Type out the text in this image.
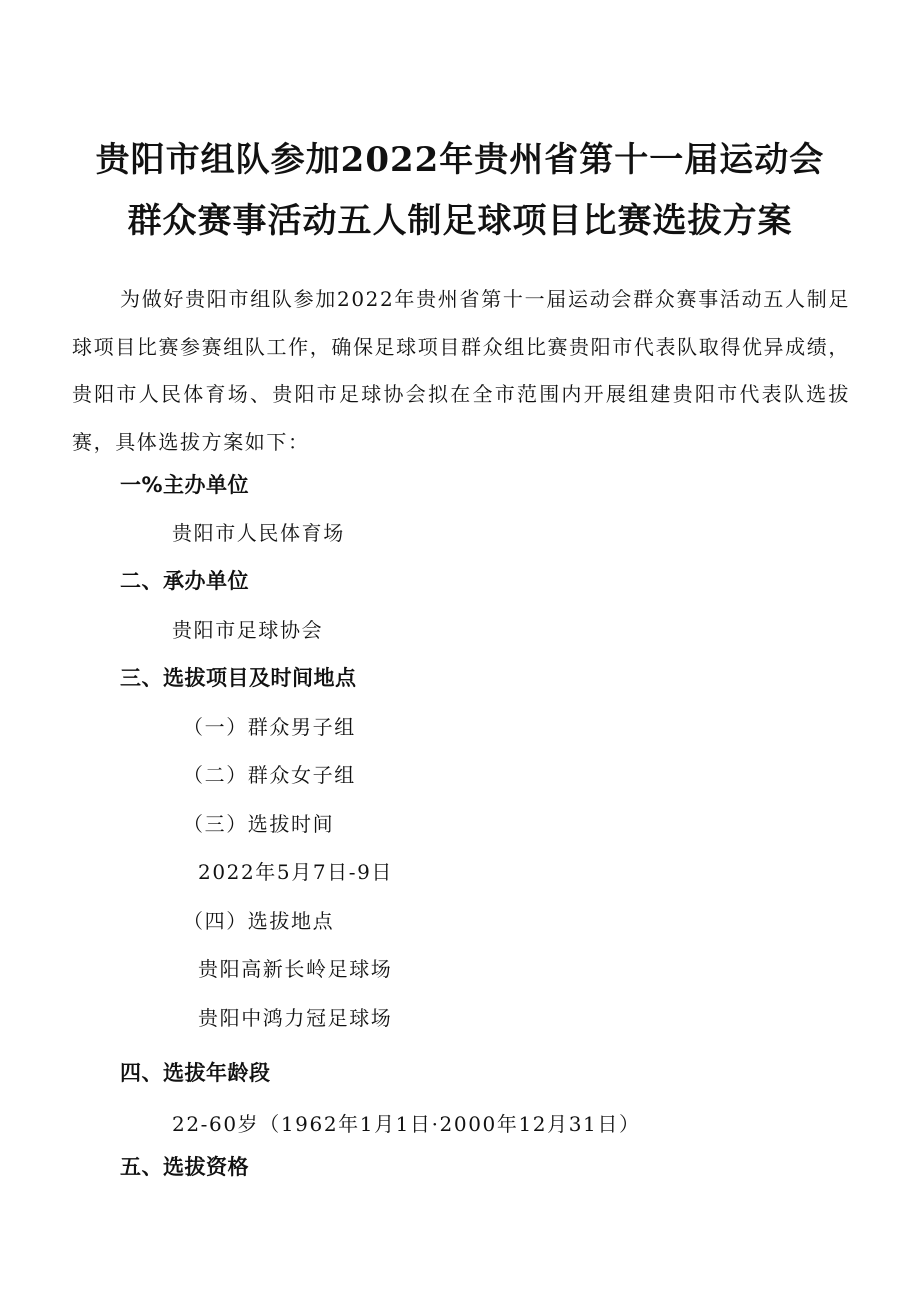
贵阳市组队参加2022年贵州省第十一届运动会
群众赛事活动五人制足球项目比赛选拔方案
为做好贵阳市组队参加2022年贵州省第十一届运动会群众赛事活动五人制足球项目比赛参赛组队工作，确保足球项目群众组比赛贵阳市代表队取得优异成绩，贵阳市人民体育场、贵阳市足球协会拟在全市范围内开展组建贵阳市代表队选拔赛，具体选拔方案如下：
一%主办单位
贵阳市人民体育场
二、承办单位
贵阳市足球协会
三、选拔项目及时间地点
（一）群众男子组
（二）群众女子组
（三）选拔时间
2022年5月7日-9日
（四）选拔地点
贵阳高新长岭足球场
贵阳中鸿力冠足球场
四、选拔年龄段
22-60岁（1962年1月1日·2000年12月31日）
五、选拔资格
